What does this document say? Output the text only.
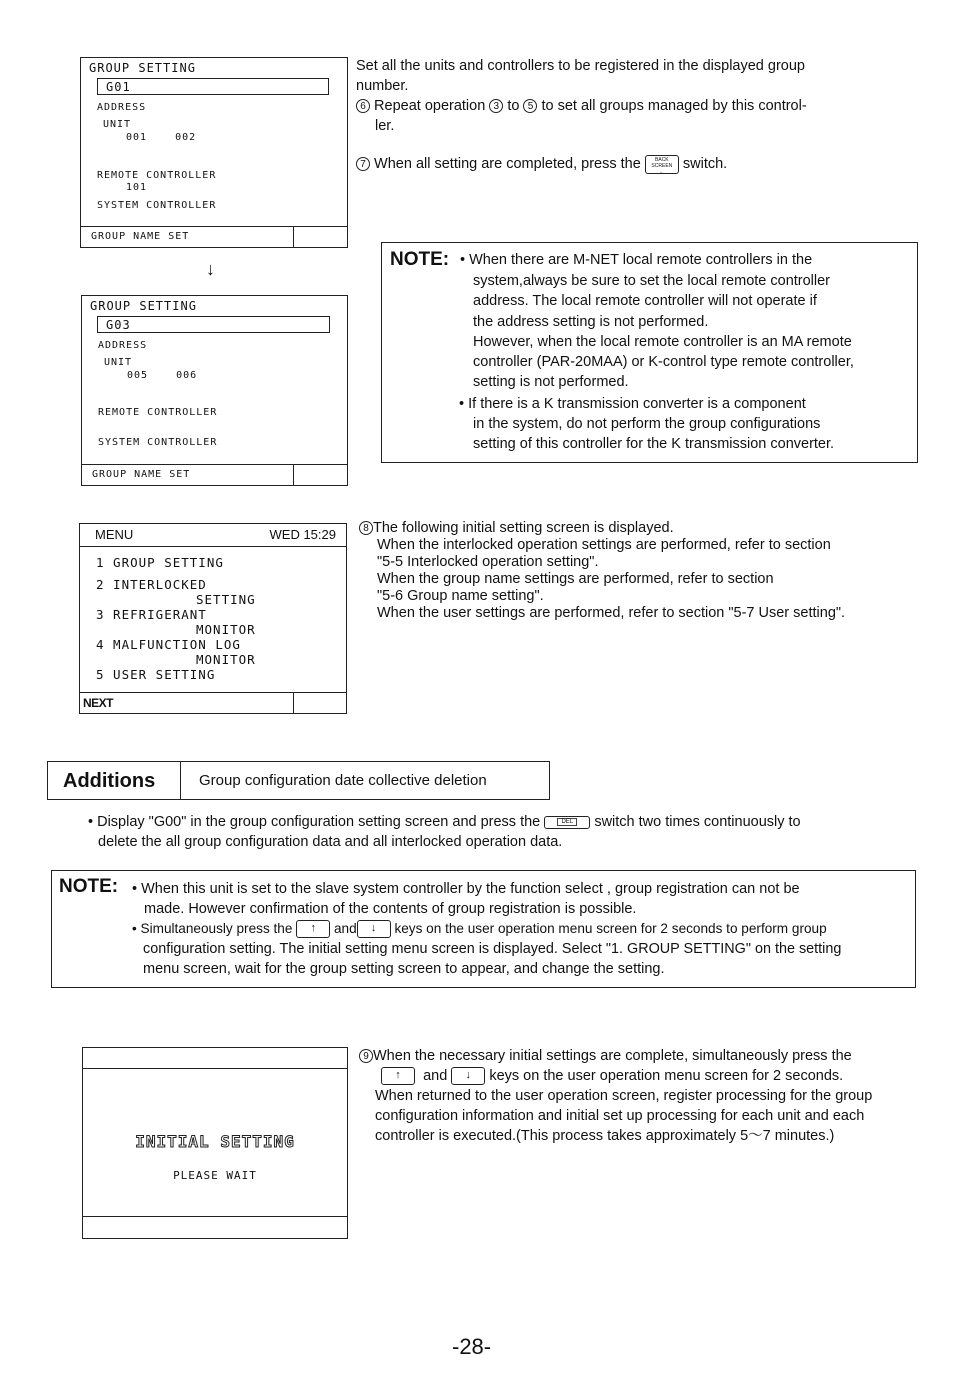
GROUP SETTING
G01
ADDRESS
UNIT
001    002
REMOTE CONTROLLER
101
SYSTEM CONTROLLER
GROUP NAME SET
↓
GROUP SETTING
G03
ADDRESS
UNIT
005    006
REMOTE CONTROLLER
SYSTEM CONTROLLER
GROUP NAME SET
Set all the units and controllers to be registered in the displayed group
number.
6 Repeat operation 3 to 5 to set all groups managed by this control-
ler.
7 When all setting are completed, press the	BACK SCREEN
← switch.
NOTE: • When there are M-NET local remote controllers in the
system,always be sure to set the local remote controller
address. The local remote controller will not operate if
the address setting is not performed.
However, when the local remote controller is an MA remote
controller (PAR-20MAA) or K-control type remote controller,
setting is not performed.
• If there is a K transmission converter is a component
in the system, do not perform the group configurations
setting of this controller for the K transmission converter.
MENU	WED 15:29
1 GROUP SETTING
2 INTERLOCKED
SETTING
3 REFRIGERANT
MONITOR
4 MALFUNCTION LOG
MONITOR
5 USER SETTING
NEXT
8 The following initial setting screen is displayed.
When the interlocked operation settings are performed, refer to section
"5-5 Interlocked operation setting".
When the group name settings are performed, refer to section
"5-6 Group name setting".
When the user settings are performed, refer to section "5-7 User setting".
Additions	Group configuration date collective deletion
• Display "G00" in the group configuration setting screen and press the	DEL switch two times continuously to
delete the all group configuration data and all interlocked operation data.
NOTE: • When this unit is set to the slave system controller by the function select , group registration can not be
made. However confirmation of the contents of group registration is possible.
• Simultaneously press the ↑ and ↓ keys on the user operation menu screen for 2 seconds to perform group
configuration setting. The initial setting menu screen is displayed. Select "1. GROUP SETTING" on the setting
menu screen, wait for the group setting screen to appear, and change the setting.
INITIAL SETTING
PLEASE WAIT
9 When the necessary initial settings are complete, simultaneously press the
↑ and ↓ keys on the user operation menu screen for 2 seconds.
When returned to the user operation screen, register processing for the group
configuration information and initial set up processing for each unit and each
controller is executed.(This process takes approximately 5～7 minutes.)
-28-
